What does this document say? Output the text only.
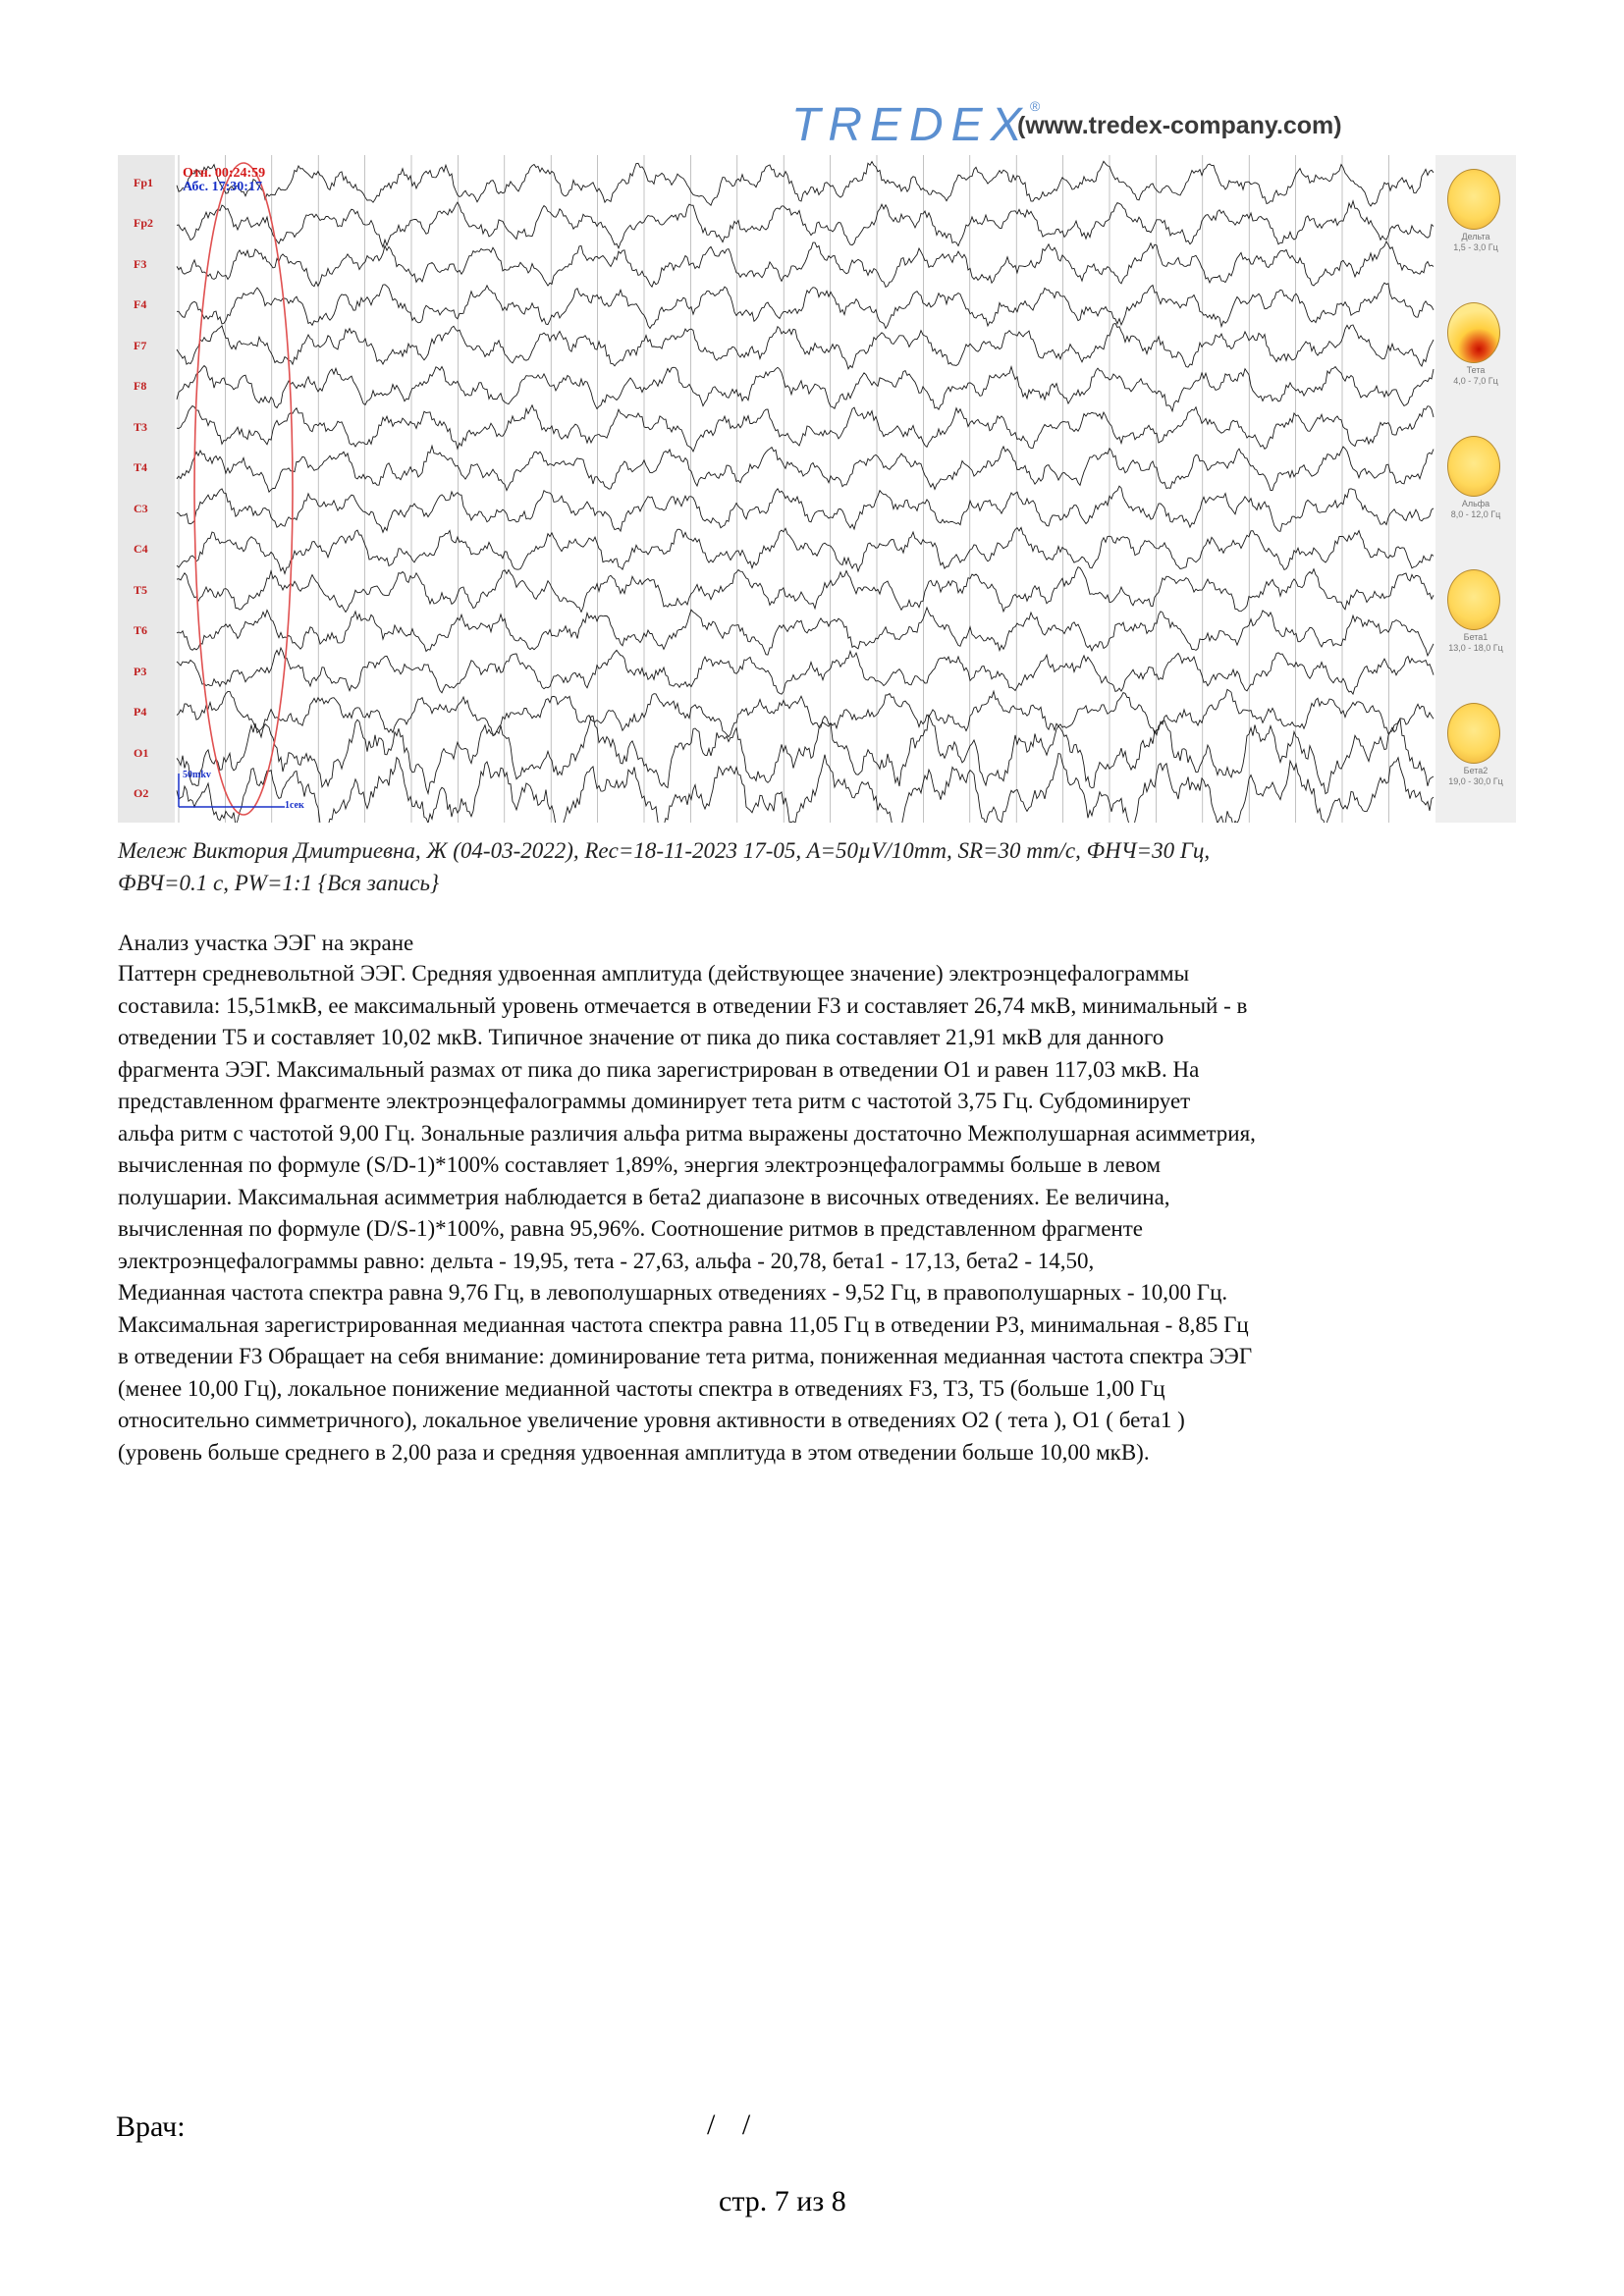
TREDEX®
(www.tredex-company.com)
Fp1
Fp2
F3
F4
F7
F8
T3
T4
C3
C4
T5
T6
P3
P4
O1
O2
Отн. 00:24:59
Абс. 17:30:17
50mkv
1сек
Дельта
1,5 - 3,0 Гц
Тета
4,0 - 7,0 Гц
Альфа
8,0 - 12,0 Гц
Бета1
13,0 - 18,0 Гц
Бета2
19,0 - 30,0 Гц
Мележ Виктория Дмитриевна, Ж (04-03-2022), Rec=18-11-2023 17-05, A=50µV/10mm, SR=30 mm/c, ФНЧ=30 Гц,
ФВЧ=0.1 c, PW=1:1 {Вся запись}
Анализ участка ЭЭГ на экране
Паттерн средневольтной ЭЭГ. Средняя удвоенная амплитуда (действующее значение) электроэнцефалограммы
составила: 15,51мкВ, ее максимальный уровень отмечается в отведении F3 и составляет 26,74 мкВ, минимальный - в
отведении T5 и составляет 10,02 мкВ. Типичное значение от пика до пика составляет 21,91 мкВ для данного
фрагмента ЭЭГ. Максимальный размах от пика до пика зарегистрирован в отведении O1 и равен 117,03 мкВ. На
представленном фрагменте электроэнцефалограммы доминирует тета ритм с частотой 3,75 Гц. Субдоминирует
альфа ритм с частотой 9,00 Гц. Зональные различия альфа ритма выражены достаточно Межполушарная асимметрия,
вычисленная по формуле (S/D-1)*100% составляет 1,89%, энергия электроэнцефалограммы больше в левом
полушарии. Максимальная асимметрия наблюдается в бета2 диапазоне в височных отведениях. Ее величина,
вычисленная по формуле (D/S-1)*100%, равна 95,96%. Соотношение ритмов в представленном фрагменте
электроэнцефалограммы равно: дельта - 19,95, тета - 27,63, альфа - 20,78, бета1 - 17,13, бета2 - 14,50,
Медианная частота спектра равна 9,76 Гц, в левополушарных отведениях - 9,52 Гц, в правополушарных - 10,00 Гц.
Максимальная зарегистрированная медианная частота спектра равна 11,05 Гц в отведении P3, минимальная - 8,85 Гц
в отведении F3 Обращает на себя внимание: доминирование тета ритма, пониженная медианная частота спектра ЭЭГ
(менее 10,00 Гц), локальное понижение медианной частоты спектра в отведениях F3, T3, T5 (больше 1,00 Гц
относительно симметричного), локальное увеличение уровня активности в отведениях O2 ( тета ), O1 ( бета1 )
(уровень больше среднего в 2,00 раза и средняя удвоенная амплитуда в этом отведении больше 10,00 мкВ).
Врач:	/ /
стр. 7 из 8
